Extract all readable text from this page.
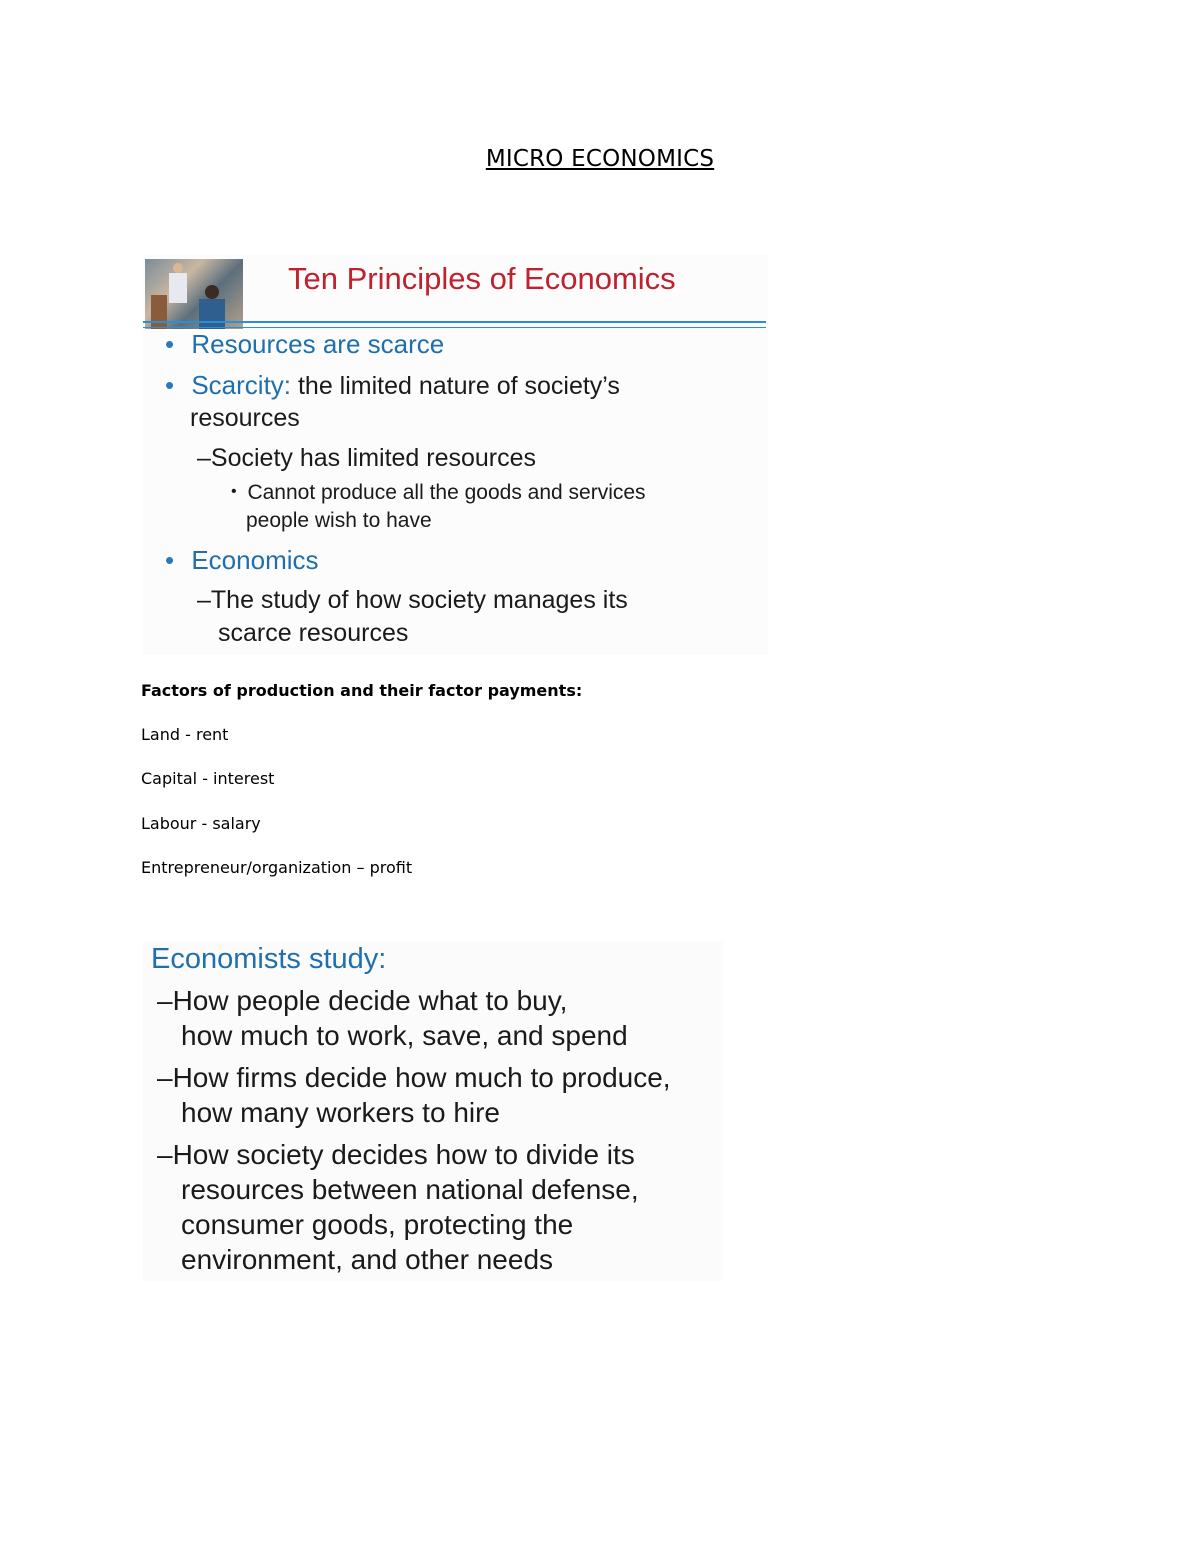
MICRO ECONOMICS
Ten Principles of Economics
• Resources are scarce
• Scarcity: the limited nature of society’s
resources
–Society has limited resources
• Cannot produce all the goods and services
people wish to have
• Economics
–The study of how society manages its
scarce resources
Factors of production and their factor payments:
Land - rent
Capital - interest
Labour - salary
Entrepreneur/organization – profit
Economists study:
–How people decide what to buy,
how much to work, save, and spend
–How firms decide how much to produce,
how many workers to hire
–How society decides how to divide its
resources between national defense,
consumer goods, protecting the
environment, and other needs
